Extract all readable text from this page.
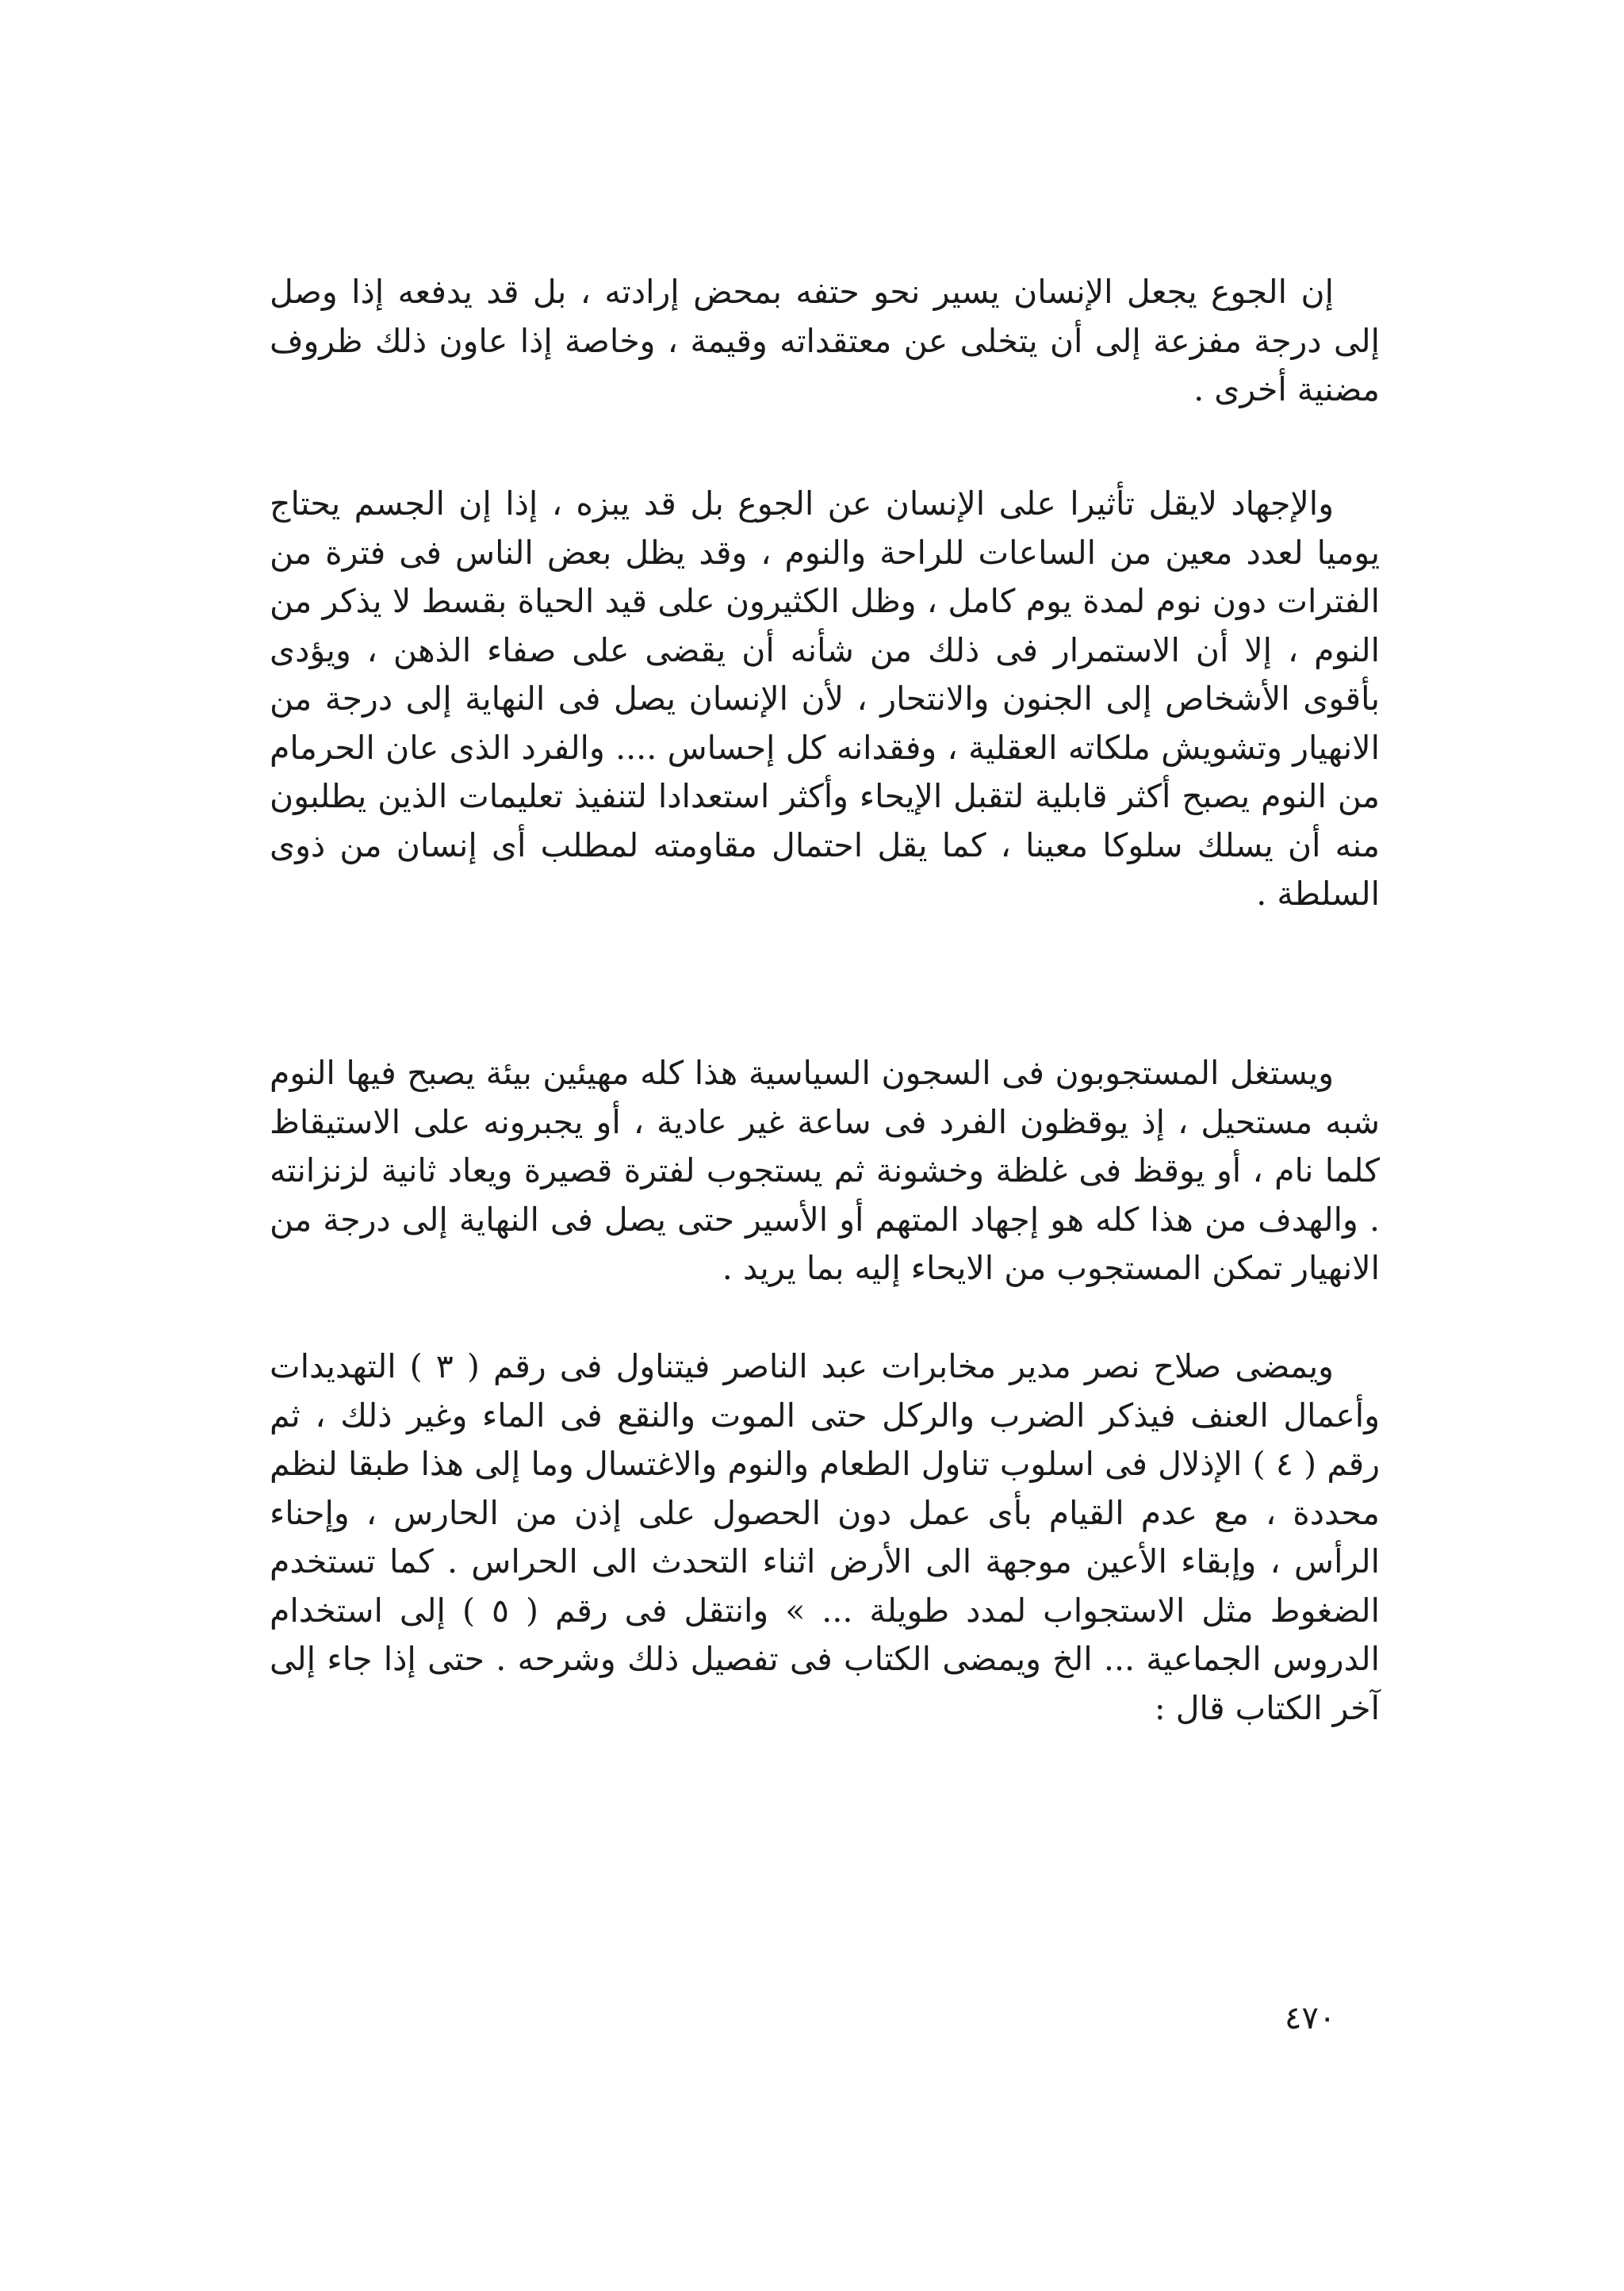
إن الجوع يجعل الإنسان يسير نحو حتفه بمحض إرادته ، بل قد يدفعه إذا وصل إلى درجة مفزعة إلى أن يتخلى عن معتقداته وقيمة ، وخاصة إذا عاون ذلك ظروف مضنية أخرى .

والإجهاد لايقل تأثيرا على الإنسان عن الجوع بل قد يبزه ، إذا إن الجسم يحتاج يوميا لعدد معين من الساعات للراحة والنوم ، وقد يظل بعض الناس فى فترة من الفترات دون نوم لمدة يوم كامل ، وظل الكثيرون على قيد الحياة بقسط لا يذكر من النوم ، إلا أن الاستمرار فى ذلك من شأنه أن يقضى على صفاء الذهن ، ويؤدى بأقوى الأشخاص إلى الجنون والانتحار ، لأن الإنسان يصل فى النهاية إلى درجة من الانهيار وتشويش ملكاته العقلية ، وفقدانه كل إحساس .... والفرد الذى عان الحرمام من النوم يصبح أكثر قابلية لتقبل الإيحاء وأكثر استعدادا لتنفيذ تعليمات الذين يطلبون منه أن يسلك سلوكا معينا ، كما يقل احتمال مقاومته لمطلب أى إنسان من ذوى السلطة .

ويستغل المستجوبون فى السجون السياسية هذا كله مهيئين بيئة يصبح فيها النوم شبه مستحيل ، إذ يوقظون الفرد فى ساعة غير عادية ، أو يجبرونه على الاستيقاظ كلما نام ، أو يوقظ فى غلظة وخشونة ثم يستجوب لفترة قصيرة ويعاد ثانية لزنزانته . والهدف من هذا كله هو إجهاد المتهم أو الأسير حتى يصل فى النهاية إلى درجة من الانهيار تمكن المستجوب من الايحاء إليه بما يريد .

ويمضى صلاح نصر مدير مخابرات عبد الناصر فيتناول فى رقم ( ٣ ) التهديدات وأعمال العنف فيذكر الضرب والركل حتى الموت والنقع فى الماء وغير ذلك ، ثم رقم ( ٤ ) الإذلال فى اسلوب تناول الطعام والنوم والاغتسال وما إلى هذا طبقا لنظم محددة ، مع عدم القيام بأى عمل دون الحصول على إذن من الحارس ، وإحناء الرأس ، وإبقاء الأعين موجهة الى الأرض اثناء التحدث الى الحراس . كما تستخدم الضغوط مثل الاستجواب لمدد طويلة ... » وانتقل فى رقم ( ٥ ) إلى استخدام الدروس الجماعية ... الخ ويمضى الكتاب فى تفصيل ذلك وشرحه . حتى إذا جاء إلى آخر الكتاب قال :

٤٧٠
